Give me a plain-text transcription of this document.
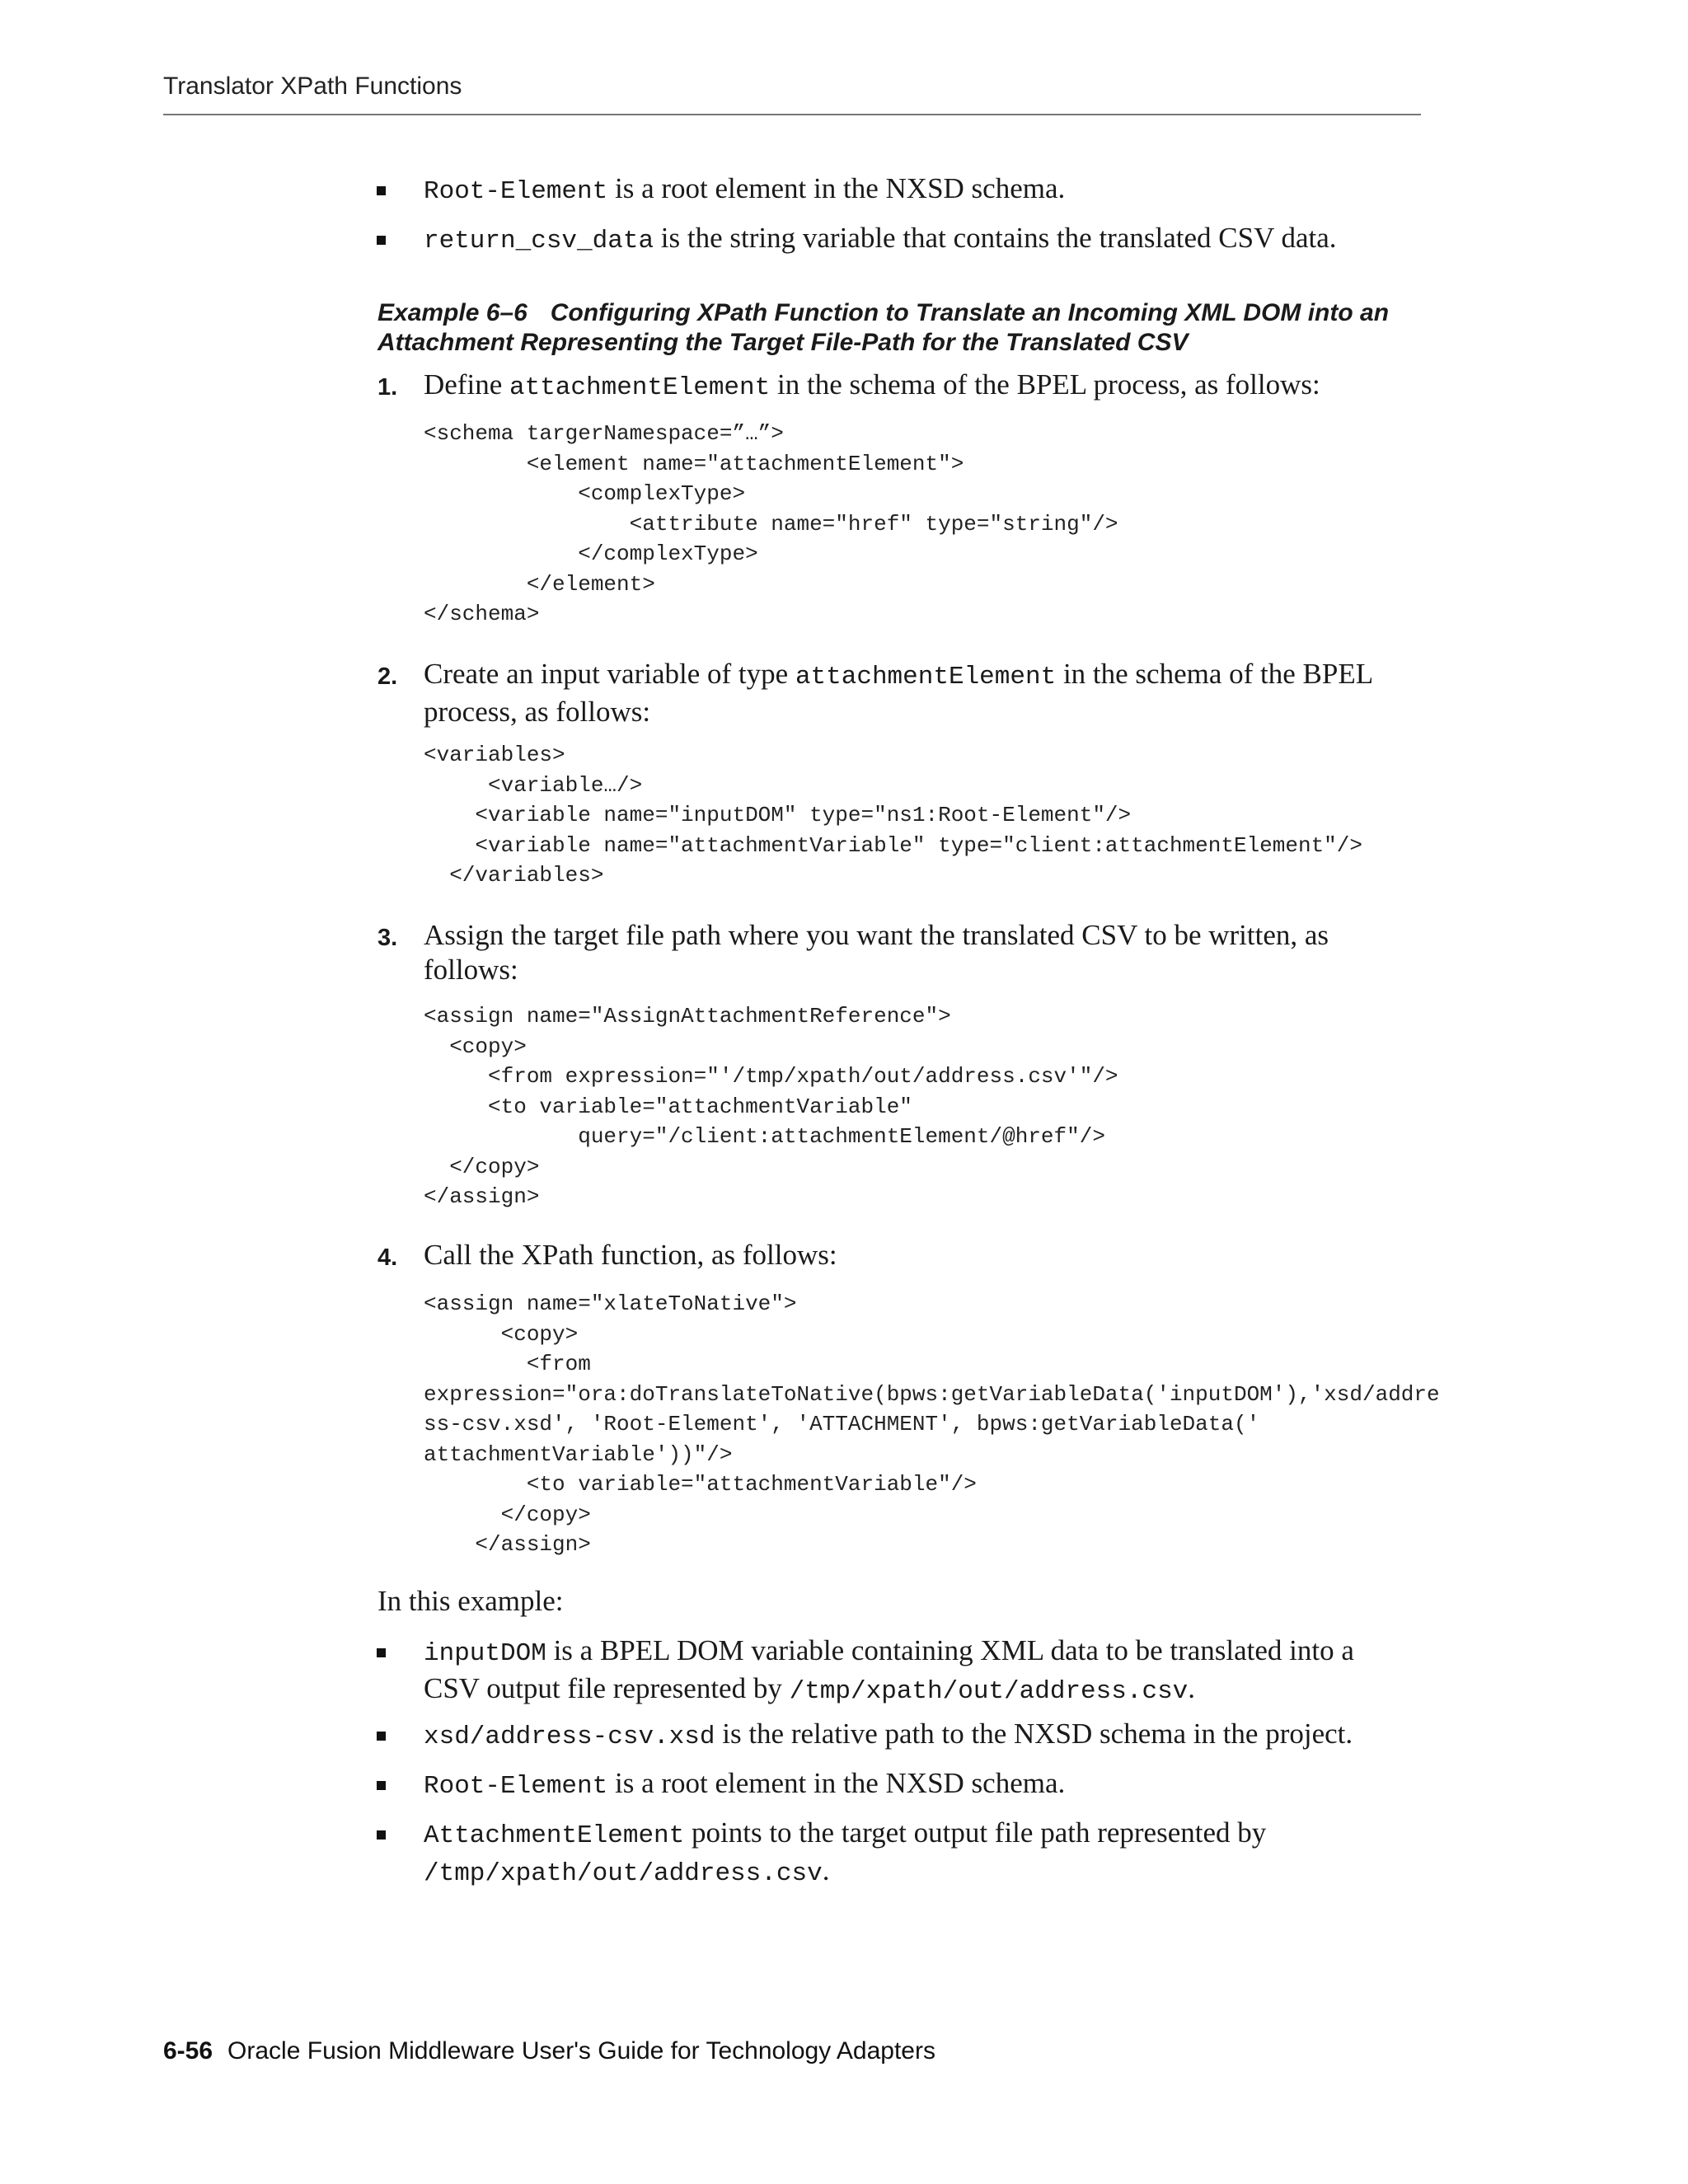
Translator XPath Functions
Root-Element is a root element in the NXSD schema.
return_csv_data is the string variable that contains the translated CSV data.
Example 6–6 Configuring XPath Function to Translate an Incoming XML DOM into an
Attachment Representing the Target File-Path for the Translated CSV
1. Define attachmentElement in the schema of the BPEL process, as follows:
<schema targerNamespace=”…”>
<element name="attachmentElement">
<complexType>
<attribute name="href" type="string"/>
</complexType>
</element>
</schema>
2. Create an input variable of type attachmentElement in the schema of the BPEL
process, as follows:
<variables>
<variable…/>
<variable name="inputDOM" type="ns1:Root-Element"/>
<variable name="attachmentVariable" type="client:attachmentElement"/>
</variables>
3. Assign the target file path where you want the translated CSV to be written, as
follows:
<assign name="AssignAttachmentReference">
<copy>
<from expression="'/tmp/xpath/out/address.csv'"/>
<to variable="attachmentVariable"
query="/client:attachmentElement/@href"/>
</copy>
</assign>
4. Call the XPath function, as follows:
<assign name="xlateToNative">
<copy>
<from
expression="ora:doTranslateToNative(bpws:getVariableData('inputDOM'),'xsd/addre
ss-csv.xsd', 'Root-Element', 'ATTACHMENT', bpws:getVariableData('
attachmentVariable'))"/>
<to variable="attachmentVariable"/>
</copy>
</assign>
In this example:
inputDOM is a BPEL DOM variable containing XML data to be translated into a
CSV output file represented by /tmp/xpath/out/address.csv.
xsd/address-csv.xsd is the relative path to the NXSD schema in the project.
Root-Element is a root element in the NXSD schema.
AttachmentElement points to the target output file path represented by
/tmp/xpath/out/address.csv.
6-56 Oracle Fusion Middleware User's Guide for Technology Adapters
